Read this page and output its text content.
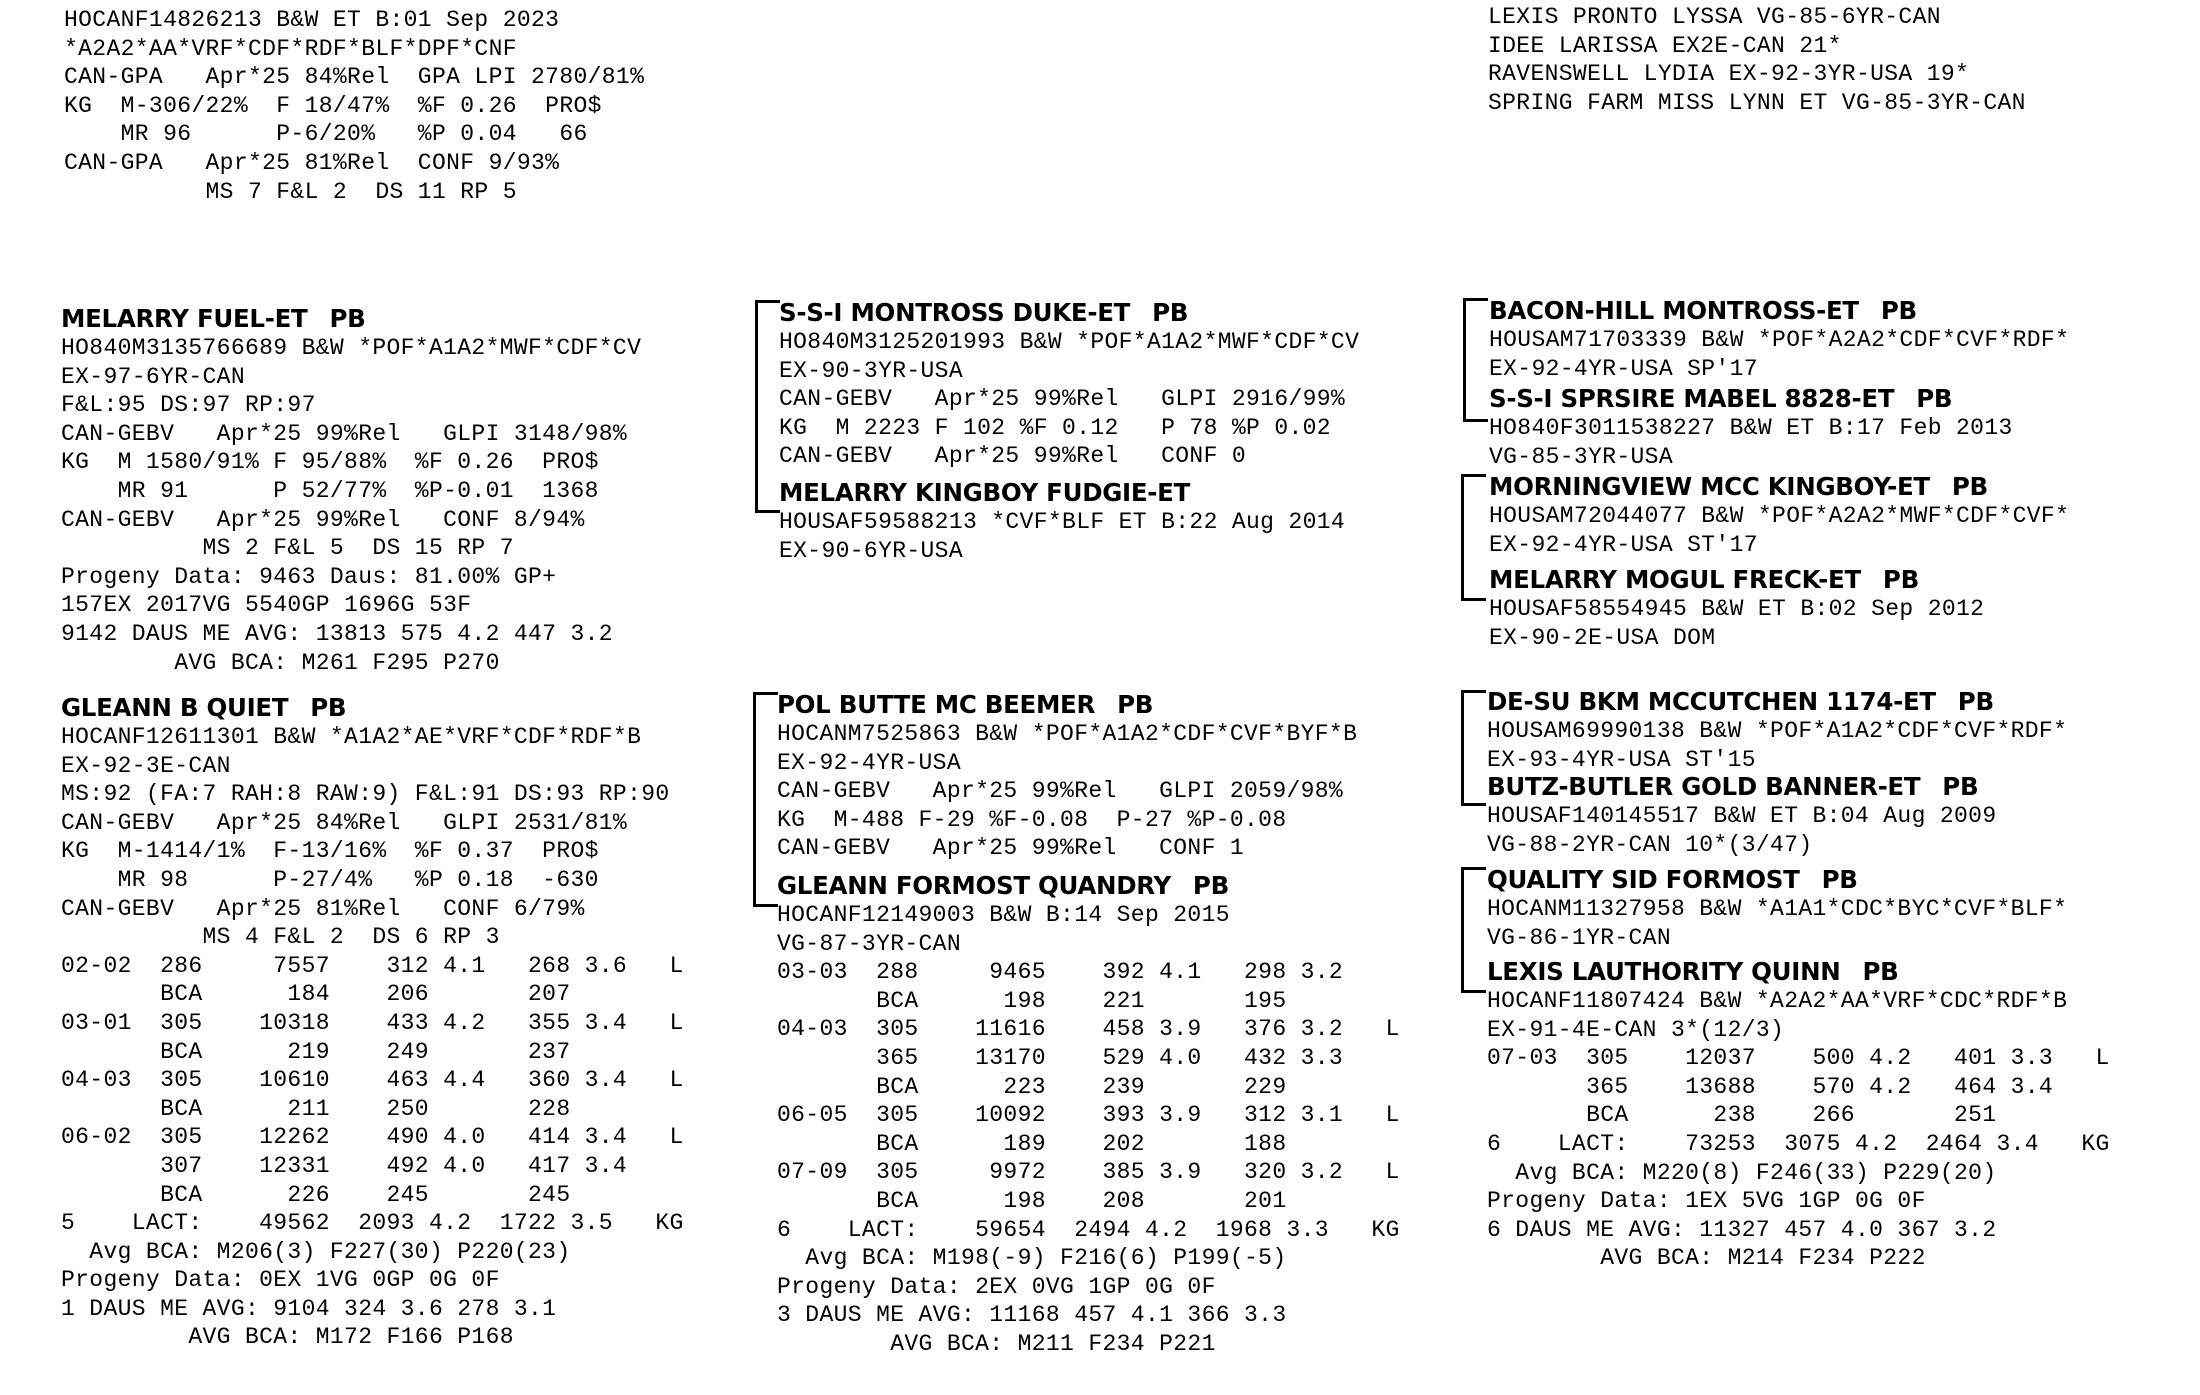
HOCANF14826213 B&W ET B:01 Sep 2023
*A2A2*AA*VRF*CDF*RDF*BLF*DPF*CNF
CAN-GPA   Apr*25 84%Rel  GPA LPI 2780/81%
KG  M-306/22%  F 18/47%  %F 0.26  PRO$
MR 96      P-6/20%   %P 0.04   66
CAN-GPA   Apr*25 81%Rel  CONF 9/93%
MS 7 F&L 2  DS 11 RP 5
LEXIS PRONTO LYSSA VG-85-6YR-CAN
IDEE LARISSA EX2E-CAN 21*
RAVENSWELL LYDIA EX-92-3YR-USA 19*
SPRING FARM MISS LYNN ET VG-85-3YR-CAN
MELARRY FUEL-ET PB
HO840M3135766689 B&W *POF*A1A2*MWF*CDF*CV
EX-97-6YR-CAN
F&L:95 DS:97 RP:97
CAN-GEBV   Apr*25 99%Rel   GLPI 3148/98%
KG  M 1580/91% F 95/88%  %F 0.26  PRO$
MR 91      P 52/77%  %P-0.01  1368
CAN-GEBV   Apr*25 99%Rel   CONF 8/94%
MS 2 F&L 5  DS 15 RP 7
Progeny Data: 9463 Daus: 81.00% GP+
157EX 2017VG 5540GP 1696G 53F
9142 DAUS ME AVG: 13813 575 4.2 447 3.2
AVG BCA: M261 F295 P270
GLEANN B QUIET PB
HOCANF12611301 B&W *A1A2*AE*VRF*CDF*RDF*B
EX-92-3E-CAN
MS:92 (FA:7 RAH:8 RAW:9) F&L:91 DS:93 RP:90
CAN-GEBV   Apr*25 84%Rel   GLPI 2531/81%
KG  M-1414/1%  F-13/16%  %F 0.37  PRO$
MR 98      P-27/4%   %P 0.18  -630
CAN-GEBV   Apr*25 81%Rel   CONF 6/79%
MS 4 F&L 2  DS 6 RP 3
02-02  286     7557    312 4.1   268 3.6   L
BCA      184    206       207
03-01  305    10318    433 4.2   355 3.4   L
BCA      219    249       237
04-03  305    10610    463 4.4   360 3.4   L
BCA      211    250       228
06-02  305    12262    490 4.0   414 3.4   L
307    12331    492 4.0   417 3.4
BCA      226    245       245
5    LACT:    49562  2093 4.2  1722 3.5   KG
Avg BCA: M206(3) F227(30) P220(23)
Progeny Data: 0EX 1VG 0GP 0G 0F
1 DAUS ME AVG: 9104 324 3.6 278 3.1
AVG BCA: M172 F166 P168
S-S-I MONTROSS DUKE-ET PB
HO840M3125201993 B&W *POF*A1A2*MWF*CDF*CV
EX-90-3YR-USA
CAN-GEBV   Apr*25 99%Rel   GLPI 2916/99%
KG  M 2223 F 102 %F 0.12   P 78 %P 0.02
CAN-GEBV   Apr*25 99%Rel   CONF 0
MELARRY KINGBOY FUDGIE-ET
HOUSAF59588213 *CVF*BLF ET B:22 Aug 2014
EX-90-6YR-USA
POL BUTTE MC BEEMER PB
HOCANM7525863 B&W *POF*A1A2*CDF*CVF*BYF*B
EX-92-4YR-USA
CAN-GEBV   Apr*25 99%Rel   GLPI 2059/98%
KG  M-488 F-29 %F-0.08  P-27 %P-0.08
CAN-GEBV   Apr*25 99%Rel   CONF 1
GLEANN FORMOST QUANDRY PB
HOCANF12149003 B&W B:14 Sep 2015
VG-87-3YR-CAN
03-03  288     9465    392 4.1   298 3.2
BCA      198    221       195
04-03  305    11616    458 3.9   376 3.2   L
365    13170    529 4.0   432 3.3
BCA      223    239       229
06-05  305    10092    393 3.9   312 3.1   L
BCA      189    202       188
07-09  305     9972    385 3.9   320 3.2   L
BCA      198    208       201
6    LACT:    59654  2494 4.2  1968 3.3   KG
Avg BCA: M198(-9) F216(6) P199(-5)
Progeny Data: 2EX 0VG 1GP 0G 0F
3 DAUS ME AVG: 11168 457 4.1 366 3.3
AVG BCA: M211 F234 P221
BACON-HILL MONTROSS-ET PB
HOUSAM71703339 B&W *POF*A2A2*CDF*CVF*RDF*
EX-92-4YR-USA SP'17
S-S-I SPRSIRE MABEL 8828-ET PB
HO840F3011538227 B&W ET B:17 Feb 2013
VG-85-3YR-USA
MORNINGVIEW MCC KINGBOY-ET PB
HOUSAM72044077 B&W *POF*A2A2*MWF*CDF*CVF*
EX-92-4YR-USA ST'17
MELARRY MOGUL FRECK-ET PB
HOUSAF58554945 B&W ET B:02 Sep 2012
EX-90-2E-USA DOM
DE-SU BKM MCCUTCHEN 1174-ET PB
HOUSAM69990138 B&W *POF*A1A2*CDF*CVF*RDF*
EX-93-4YR-USA ST'15
BUTZ-BUTLER GOLD BANNER-ET PB
HOUSAF140145517 B&W ET B:04 Aug 2009
VG-88-2YR-CAN 10*(3/47)
QUALITY SID FORMOST PB
HOCANM11327958 B&W *A1A1*CDC*BYC*CVF*BLF*
VG-86-1YR-CAN
LEXIS LAUTHORITY QUINN PB
HOCANF11807424 B&W *A2A2*AA*VRF*CDC*RDF*B
EX-91-4E-CAN 3*(12/3)
07-03  305    12037    500 4.2   401 3.3   L
365    13688    570 4.2   464 3.4
BCA      238    266       251
6    LACT:    73253  3075 4.2  2464 3.4   KG
Avg BCA: M220(8) F246(33) P229(20)
Progeny Data: 1EX 5VG 1GP 0G 0F
6 DAUS ME AVG: 11327 457 4.0 367 3.2
AVG BCA: M214 F234 P222
